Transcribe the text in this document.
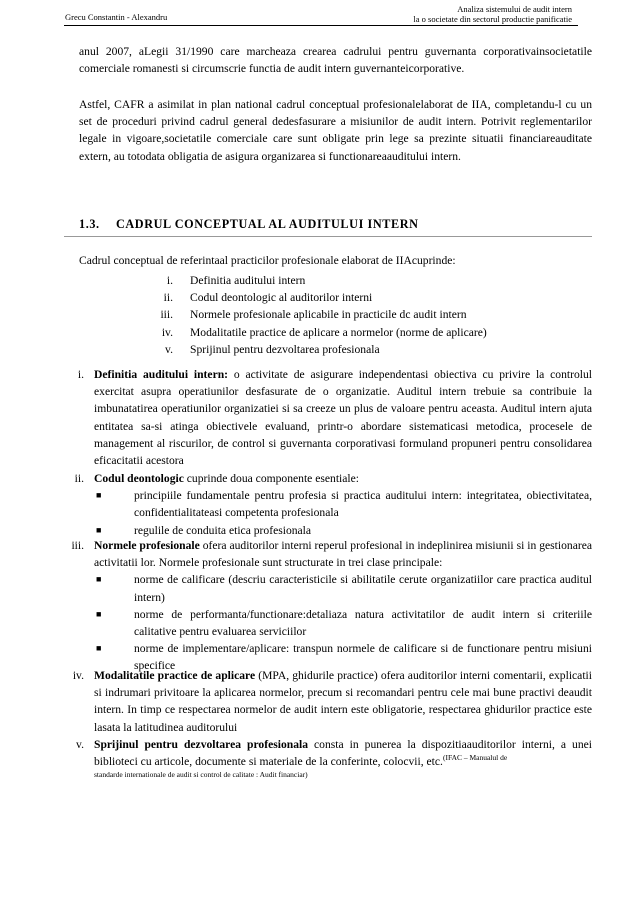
Grecu Constantin - Alexandru
Analiza sistemului de audit intern
la o societate din sectorul productie panificatie
anul 2007, aLegii 31/1990 care marcheaza crearea cadrului pentru guvernanta corporativainsocietatile comerciale romanesti si circumscrie functia de audit intern guvernanteicorporative.
Astfel, CAFR a asimilat in plan national cadrul conceptual profesionalelaborat de IIA, completandu-l cu un set de proceduri privind cadrul general dedesfasurare a misiunilor de audit intern. Potrivit reglementarilor legale in vigoare,societatile comerciale care sunt obligate prin lege sa prezinte situatii financiareauditate extern, au totodata obligatia de asigura organizarea si functionareaauditului intern.
1.3. CADRUL CONCEPTUAL AL AUDITULUI INTERN
Cadrul conceptual de referintaal practicilor profesionale elaborat de IIAcuprinde:
i.	Definitia auditului intern
ii.	Codul deontologic al auditorilor interni
iii.	Normele profesionale aplicabile in practicile dc audit intern
iv.	Modalitatile practice de aplicare a normelor (norme de aplicare)
v.	Sprijinul pentru dezvoltarea profesionala
i. Definitia auditului intern: o activitate de asigurare independentasi obiectiva cu privire la controlul exercitat asupra operatiunilor desfasurate de o organizatie. Auditul intern trebuie sa contribuie la imbunatatirea operatiunilor organizatiei si sa creeze un plus de valoare pentru aceasta. Auditul intern ajuta entitatea sa-si atinga obiectivele evaluand, printr-o abordare sistematicasi metodica, procesele de management al riscurilor, de control si guvernanta corporativasi formuland propuneri pentru consolidarea eficacitatii acestora
ii. Codul deontologic cuprinde doua componente esentiale:
■	principiile fundamentale pentru profesia si practica auditului intern: integritatea, obiectivitatea, confidentialitateasi competenta profesionala
■	regulile de conduita etica profesionala
iii. Normele profesionale ofera auditorilor interni reperul profesional in indeplinirea misiunii si in gestionarea activitatii lor. Normele profesionale sunt structurate in trei clase principale:
■	norme de calificare (descriu caracteristicile si abilitatile cerute organizatiilor care practica auditul intern)
■	norme de performanta/functionare:detaliaza natura activitatilor de audit intern si criteriile calitative pentru evaluarea serviciilor
■	norme de implementare/aplicare: transpun normele de calificare si de functionare pentru misiuni specifice
iv. Modalitatile practice de aplicare (MPA, ghidurile practice) ofera auditorilor interni comentarii, explicatii si indrumari privitoare la aplicarea normelor, precum si recomandari pentru cele mai bune practivi deaudit intern. In timp ce respectarea normelor de audit intern este obligatorie, respectarea ghidurilor practice este lasata la latitudinea auditorului
v. Sprijinul pentru dezvoltarea profesionala consta in punerea la dispozitiaauditorilor interni, a unei biblioteci cu articole, documente si materiale de la conferinte, colocvii, etc.$^{(IFAC - Manualul de}$
standarde internationale de audit si control de calitate : Audit financiar)
